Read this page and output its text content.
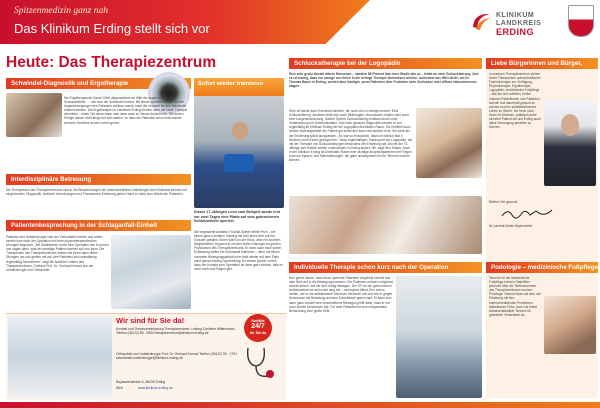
Spitzenmedizin ganz nah
Das Klinikum Erding stellt sich vor
KLINIKUM
LANDKREIS
ERDING
Heute: Das Therapiezentrum
Schwindel-Diagnostik und Ergotherapie
Die Ergotherapeutin Sarah Gibel diagnostiziert mit Hilfe der sogenannten Schwindelbrille, … wie man die Schwindel kommt. Mit dieser speziellen Brille, die die Augenbewegungen des Patienten sichtbar macht, kann die Ursache für den Schwindel erkannt werden. Die Ergotherapie im Landkreis Erding können dann die beste Therapie vermitteln – einen Teil davon kann man dann auch zu Hause durchführen. Die ersten Erfolge lassen nicht lange auf sich warten, so dass die Patienten schon bald wieder sicheren Schrittes durchs Leben gehen.
Interdisziplinäre Betreuung
Die Therapeuten des Therapiezentrums sind in die Besprechungen der unterschiedlichen Abteilungen des Klinikums intensiv mit eingebunden. Diagnostik, ärztliche Verordnungen und Therapeuten-Erfahrung gehen Hand in Hand zum Wohle der Patienten.
Patientenbesprechung in der Schlaganfall-Einheit
Patienten der Unfallchirurgie oder der Orthopädie können und sollen bereits kurz nach der Operation mit ihren physiotherapeutischen Übungen beginnen. „Mit Stabilisieren durch eine Operation den Knochen und sagen dann, was der jeweilige Patient machen soll und kann. Die Therapeuten des Therapiezentrums setzen mit ihrem dann diese Übungen um und greifen mit auf, den Patienten sich selbständig regelmäßig fortzuführen“, sagt die ärztliche Leiterin des Therapiezentrums, Chefarzt Prof. Dr. Gerhard Konrad aus der Unfallchirurgie und Orthopädie.
Sofort wieder trainieren
Dieser 17-Jährigen Leon zum Beispiel wurde erst vor zwei Tagen eine Platte auf vom gebrochenen Schlüsselbein operiert.
Die begeisterte Amateur-Fußball-Spieler liebte Pech – bei einem ganz normalen Tackling hat sich einen Arm auf der Schulter gefallen. Einen Wall von der Haus, aber mit anderen Möglichkeiten, begonnt er mit den ersten Übungen im großen Physioraum des Therapiezentrums. Er kann auch nach seiner Entlassung weiter bei Sofortwahl trainieren – denn mit einem normalen Bewegungsablauf ist er bald wieder auf dem Platz, ohne genau Anfang Sportheilung. Es seinen großer Vorteil, dass der Kontakt zum Operateur ist dann ganz einfach, falls es doch noch mal Fragen gibt.
Schluckstherapie bei der Logopädin
Eine sehr große Anzahl älterer Menschen – nämlich 85 Prozent fast einer Studie des zu – leidet an einer Schluckstörung. Und es ist traurig, dass nur wenige von ihnen in die richtige Therapie überwiesen werden. Außerdem aus HNO-Ärzte, um Dr. Thomas Bauer in Erding, werden aber häufiger, wenn Patienten über Probleme beim Schlucken oder diffuse Halsschmerzen klagen.
Sehr oft steckt dann Krankheit dahinter, die noch viel zu wenige kennen: Eine Schluckstörung. Auslöser ließe sich auch Bluthungen, chronisches Husten oder auch eine Lungenentzündung. Sabine Speers Schlucktraining entstand durch eine Verbesserung der Halsmuskulatur. Und nach genauer Diagnostik trainiert er nun regelmäßig im Klinikum Erding bei der Logopädin Annekatrin Raum. Sie ermittelt auch welche Nahrungsmittel der Patient gut schlucken kann und welche nicht. Sie sieht der die Ernährung sofort anzupassen. „Es war so erstaunlich, dass ich wirklich fast 4 Wochen ohne Essen gezögert bin.“ Nach regelmäßigen Training bei der Logopädin, die mit der Therapie von Schluckstörungen besonders viel Erfahrung hat, konnte der 73-Jährige sich endlich wieder unbeschwert in Erding anders Teil, sagt Herr Straub. Auch in der Klinikum Erding ist Annekatrin Raum eine wichtige Ansprechpartnerin bei Fragen rund um Sprach- und Stimmstörungen, die ganz unkompliziert bei Ihr Termine buchen können.
Individuelle Therapie schon kurz nach der Operation
Hier geht’s darum, dass frisch operierte Patienten möglichst schnell aus dem Bett und in die Bewegung kommen. Die Patienten müssen möglichst schnell lernen, wie sie sich richtig bewegen. Der OP an der gebrochenen Achillessehne ist noch nicht lang her – da beginnt Alfred Dürr schon wieder, wie er die aufblasbaren Schienen benutzen soll und wie er gegen Schmerzen bei Belastung auf dem Schreibtisch gehen darf. Er kann sich dann ganz schnell eine verschriebene Bewegung hilft dann, dass er nur noch leichte Schmerzen hat. Für viele Patienten ist eine entspanntere Behandlung eine große Hilfe.
Liebe Bürgerinnen und Bürger,
in unserem Therapiezentrum stehen Ihnen Therapeuten unterschiedlicher Fachrichtungen zur Verfügung. Physiotherapie, Ergotherapie, Logopädie, medizinische Fußpflege – alle die dort arbeiten, helfen unseren Patientinnen und Patienten, schnell und dauerhaft gesund zu werden und ein selbstbestimmtes Leben zu führen. Ich freue mich, Ihnen im Klinikum, praktisch jeder einzelne Patient bei uns Erding auch diese Versorgung ansehen zu können.
Bleiben Sie gesund!
Ihr Landrat Martin Bayerstorfer
Podologie – medizinische Fußpflege
Termine für die medizinische Fußpflege können Diabetiker jederzeit über die Telefonnummer des Therapiezentrums buchen. Podologin Victoria Noss hat sehr viel Erfahrung mit den unterschiedlichsten Problemen diabetischer Füße. Auch sie bietet selbstverständlich Termine für gesetzlich Versicherte an.
Wir sind für Sie da!
Kontakt und Terminvereinbarung Therapiezentrum, Leitung Christine Wittenmann, Telefon (08122) 59 - 9683 therapiezentrum@klinikum-erding.de
Orthopädie und Unfallchirurgie Prof. Dr. Gerhard Konrad Telefon (08122) 59 - 1791 sekretariat.unfallchirurgie@klinikum-erding.de
Bajuwarenstraße 5, 85435 Erding
Web	www.klinikum-erding.de
Notfälle
24/7
für Sie da
